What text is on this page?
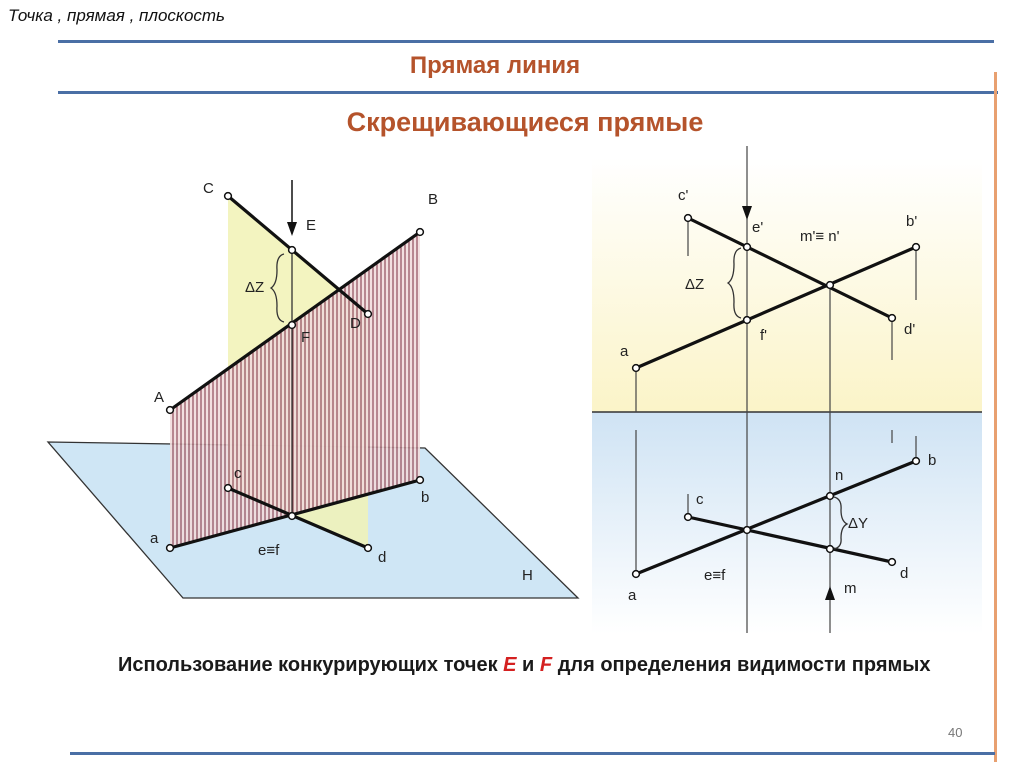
Точка , прямая , плоскость
Прямая линия
Скрещивающиеся прямые
C
E
B
ΔZ
F
D
A
c
b
a
e≡f	d
H
c'
e'
m'≡ n'
b'
ΔZ
a
f'	d'
n
b
c
ΔY
e≡f	d
a	m
Использование конкурирующих точек E и F для определения видимости прямых
40
